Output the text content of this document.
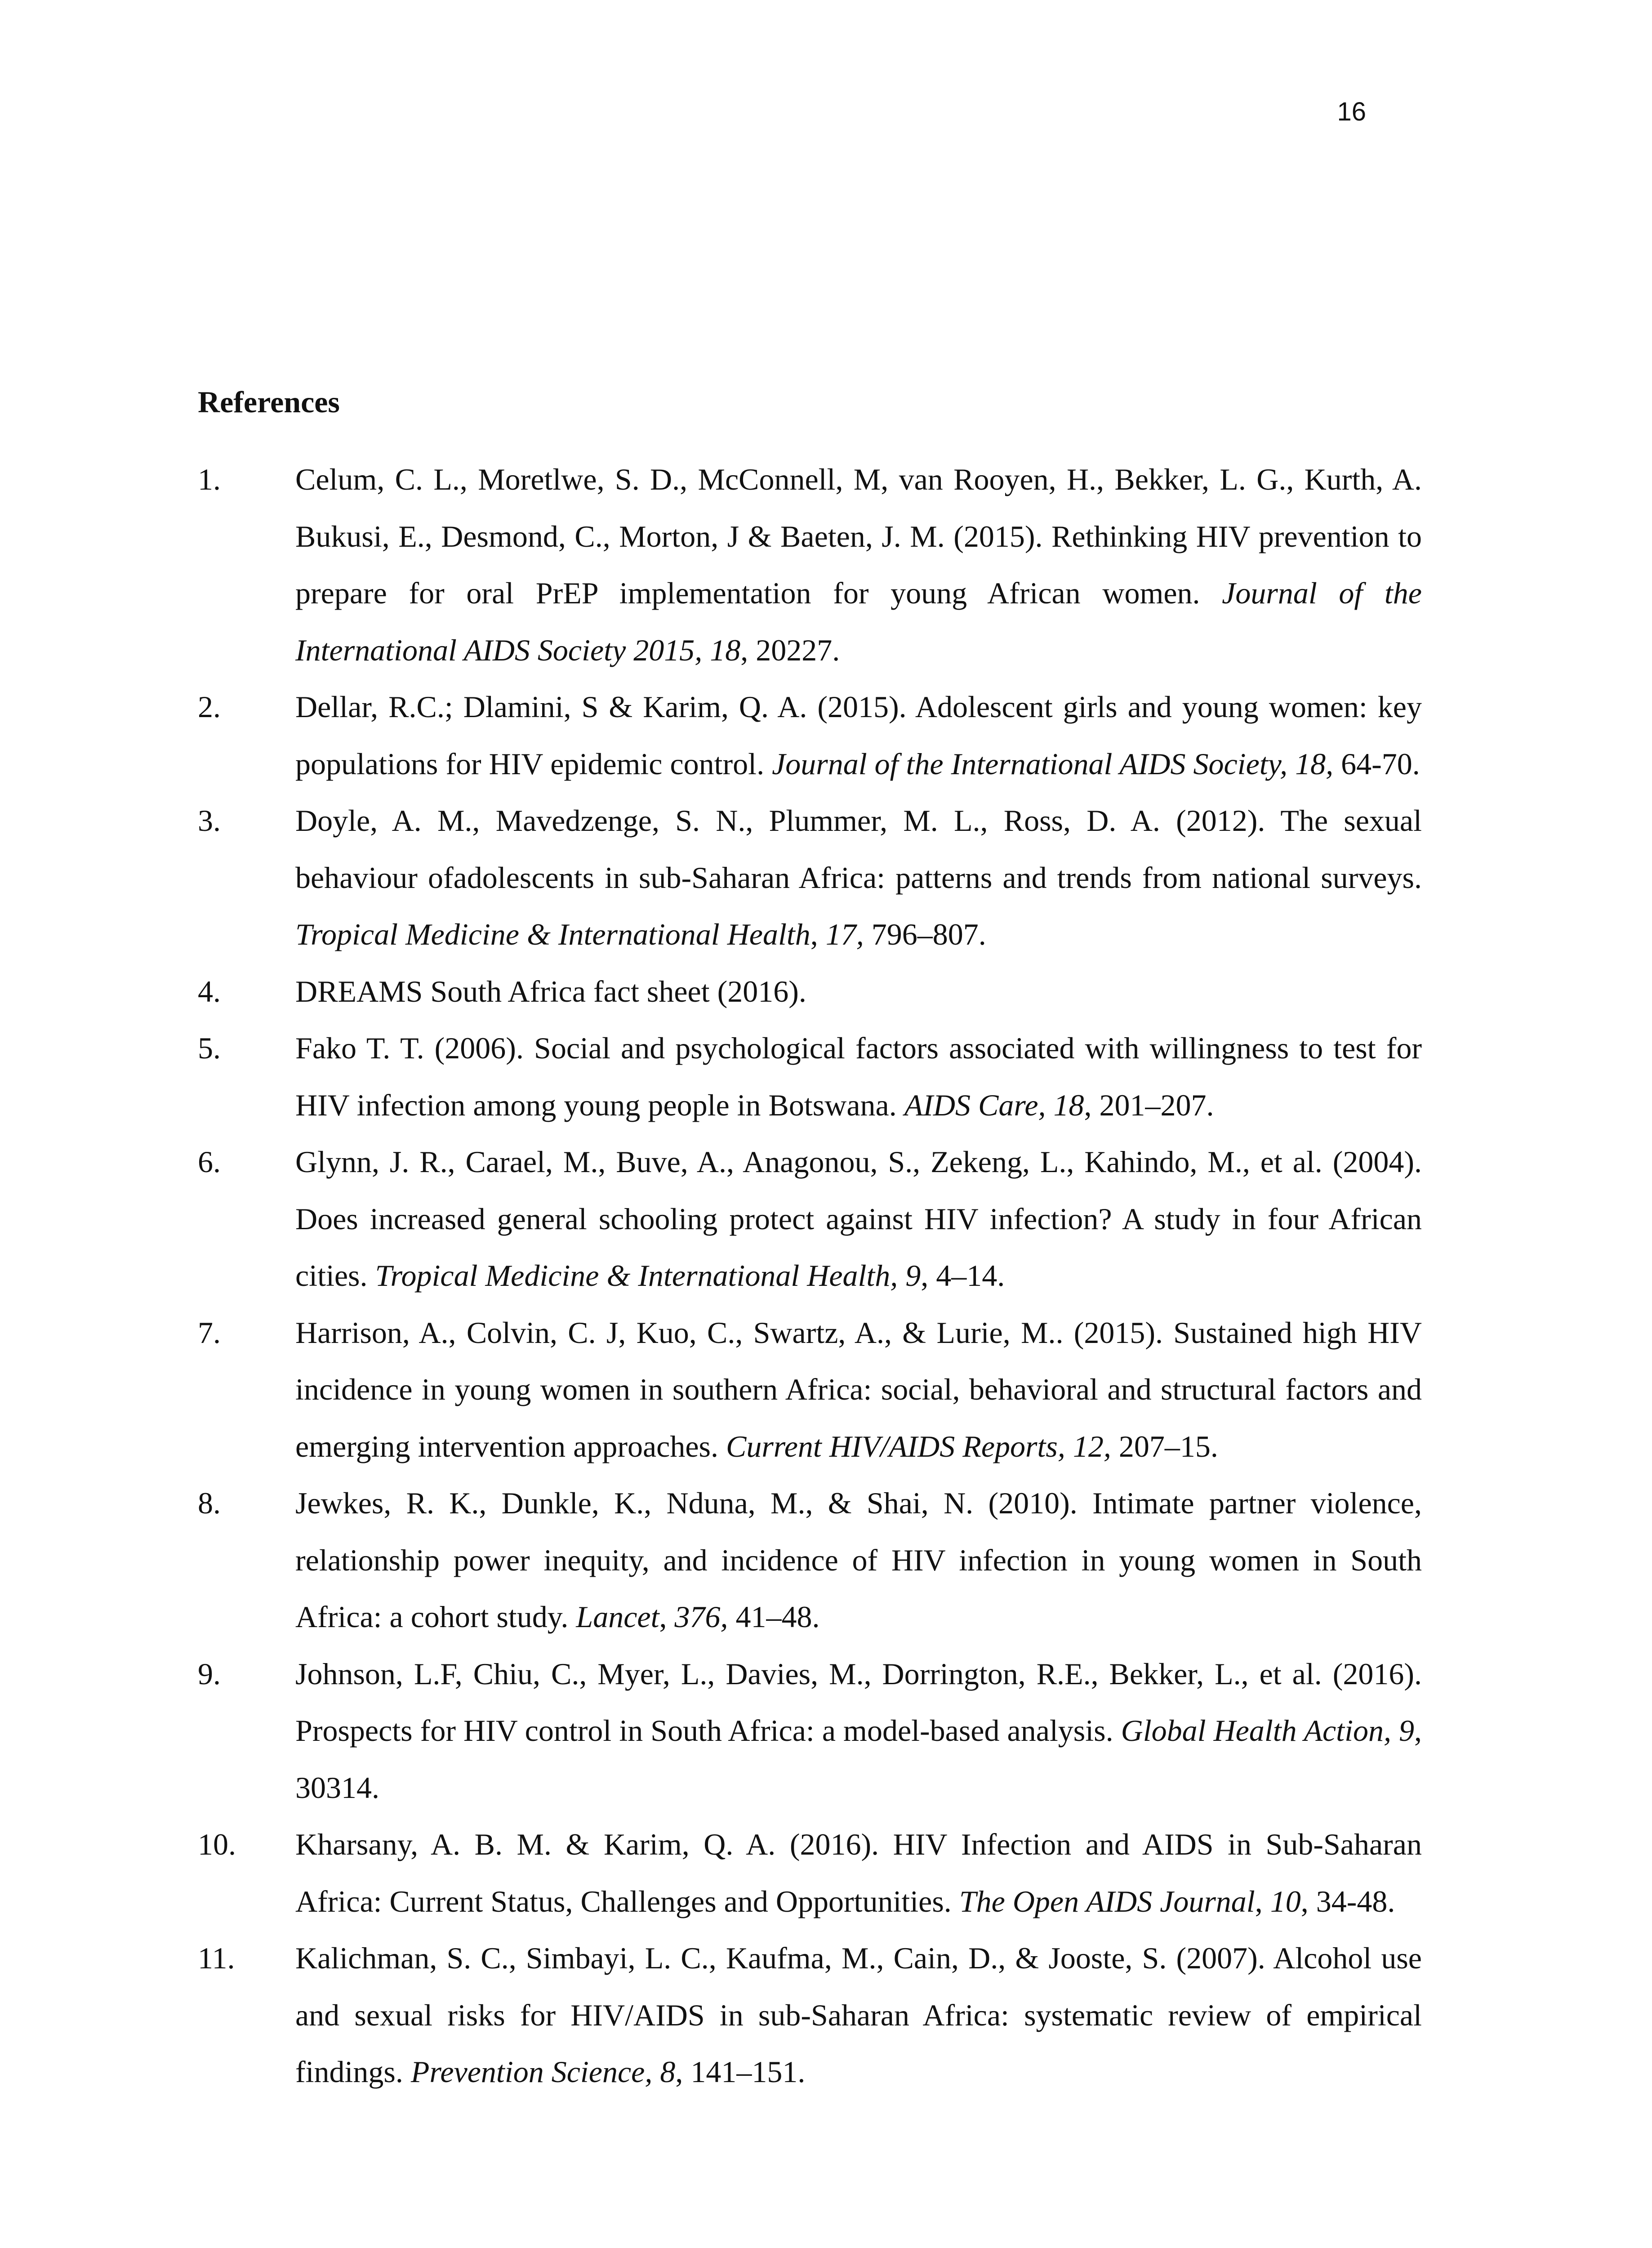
16
References
1.	Celum, C. L., Moretlwe, S. D., McConnell, M, van Rooyen, H., Bekker, L. G., Kurth, A. Bukusi, E., Desmond, C., Morton, J & Baeten, J. M. (2015). Rethinking HIV prevention to prepare for oral PrEP implementation for young African women. Journal of the International AIDS Society 2015, 18, 20227.
2.	Dellar, R.C.; Dlamini, S & Karim, Q. A. (2015). Adolescent girls and young women: key populations for HIV epidemic control. Journal of the International AIDS Society, 18, 64-70.
3.	Doyle, A. M., Mavedzenge, S. N., Plummer, M. L., Ross, D. A. (2012). The sexual behaviour ofadolescents in sub-Saharan Africa: patterns and trends from national surveys. Tropical Medicine & International Health, 17, 796–807.
4.	DREAMS South Africa fact sheet (2016).
5.	Fako T. T. (2006). Social and psychological factors associated with willingness to test for HIV infection among young people in Botswana. AIDS Care, 18, 201–207.
6.	Glynn, J. R., Carael, M., Buve, A., Anagonou, S., Zekeng, L., Kahindo, M., et al. (2004). Does increased general schooling protect against HIV infection? A study in four African cities. Tropical Medicine & International Health, 9, 4–14.
7.	Harrison, A., Colvin, C. J, Kuo, C., Swartz, A., & Lurie, M.. (2015). Sustained high HIV incidence in young women in southern Africa: social, behavioral and structural factors and emerging intervention approaches. Current HIV/AIDS Reports, 12, 207–15.
8.	Jewkes, R. K., Dunkle, K., Nduna, M., & Shai, N. (2010). Intimate partner violence, relationship power inequity, and incidence of HIV infection in young women in South Africa: a cohort study. Lancet, 376, 41–48.
9.	Johnson, L.F, Chiu, C., Myer, L., Davies, M., Dorrington, R.E., Bekker, L., et al. (2016). Prospects for HIV control in South Africa: a model-based analysis. Global Health Action, 9, 30314.
10.	Kharsany, A. B. M. & Karim, Q. A. (2016). HIV Infection and AIDS in Sub-Saharan Africa: Current Status, Challenges and Opportunities. The Open AIDS Journal, 10, 34-48.
11.	Kalichman, S. C., Simbayi, L. C., Kaufma, M., Cain, D., & Jooste, S. (2007). Alcohol use and sexual risks for HIV/AIDS in sub-Saharan Africa: systematic review of empirical findings. Prevention Science, 8, 141–151.
